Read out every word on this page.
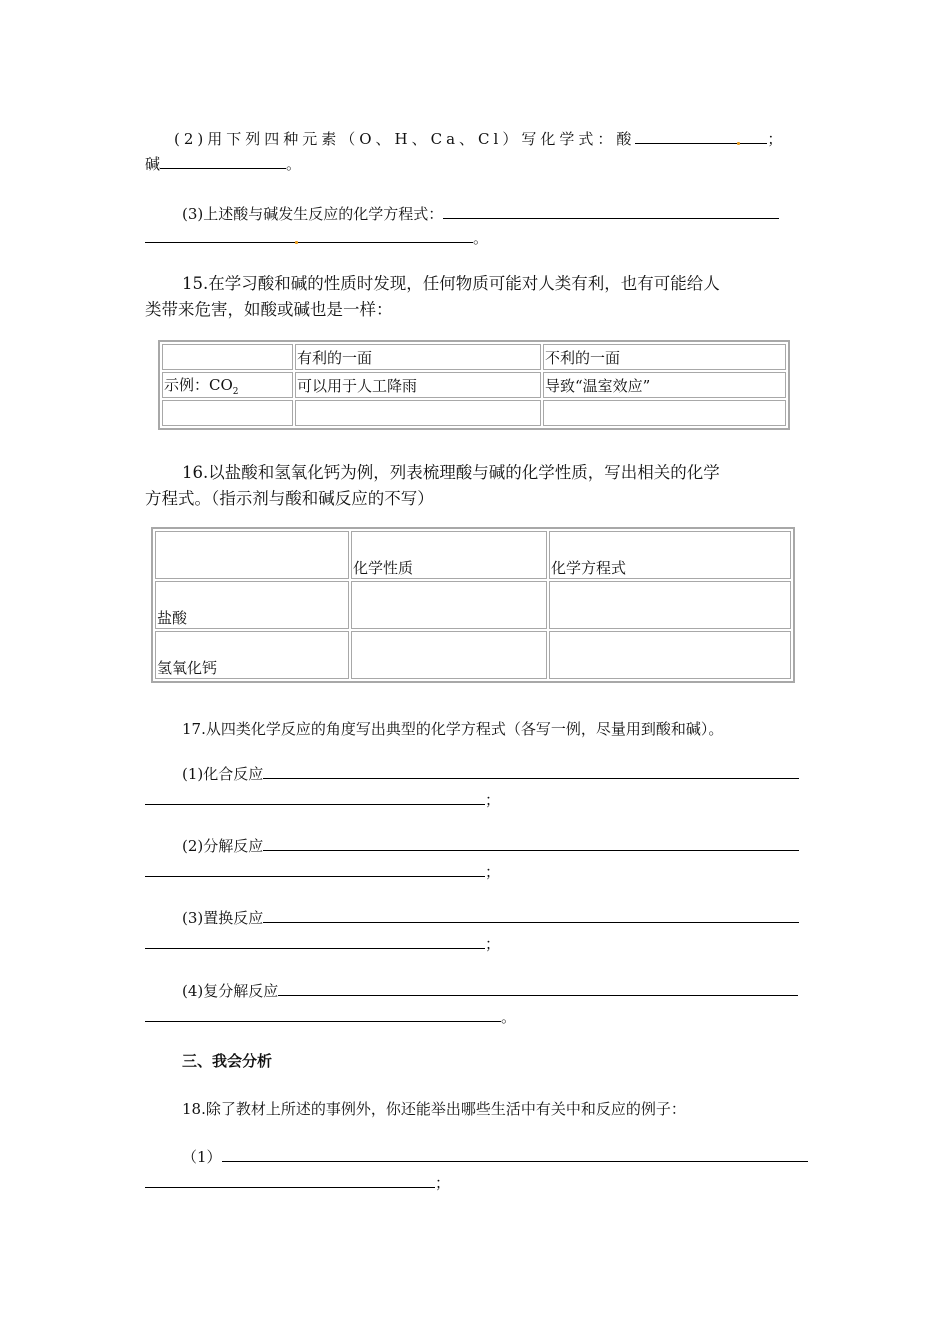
(2)用下列四种元素（O、H、Ca、Cl）写化学式：酸	；
碱	。
(3)上述酸与碱发生反应的化学方程式：
。
15.在学习酸和碱的性质时发现，任何物质可能对人类有利，也有可能给人
类带来危害，如酸或碱也是一样：
	有利的一面	不利的一面
示例：$CO_2$	可以用于人工降雨	导致“温室效应”

16.以盐酸和氢氧化钙为例，列表梳理酸与碱的化学性质，写出相关的化学
方程式。（指示剂与酸和碱反应的不写）
	化学性质	化学方程式
盐酸		
氢氧化钙		
17.从四类化学反应的角度写出典型的化学方程式（各写一例，尽量用到酸和碱）。
(1)化合反应
；
(2)分解反应
；
(3)置换反应
；
(4)复分解反应
。
三、我会分析
18.除了教材上所述的事例外，你还能举出哪些生活中有关中和反应的例子：
（1）
；
